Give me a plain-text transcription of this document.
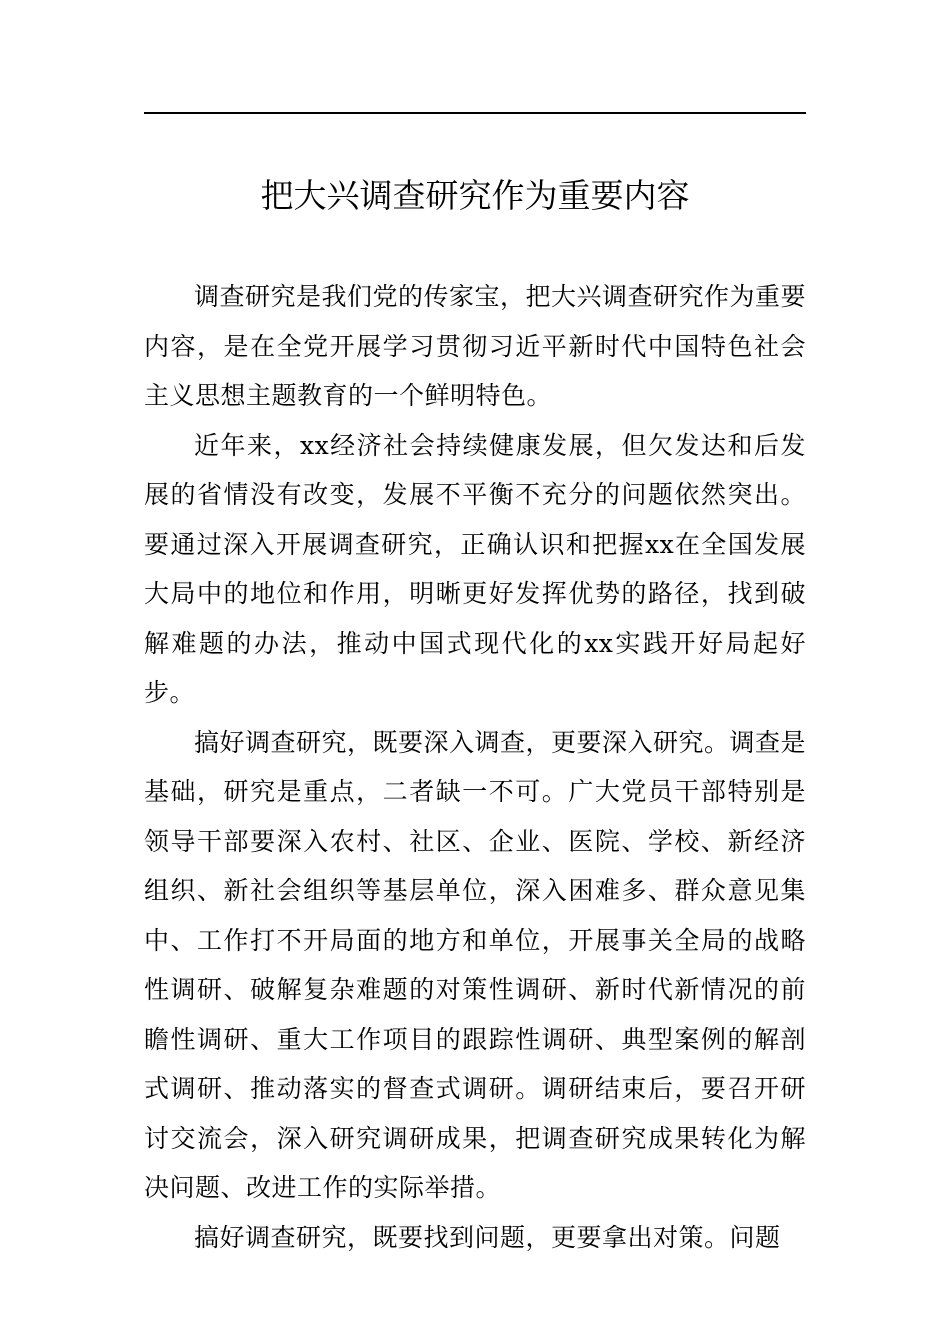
把大兴调查研究作为重要内容

调查研究是我们党的传家宝，把大兴调查研究作为重要内容，是在全党开展学习贯彻习近平新时代中国特色社会主义思想主题教育的一个鲜明特色。

近年来，xx经济社会持续健康发展，但欠发达和后发展的省情没有改变，发展不平衡不充分的问题依然突出。要通过深入开展调查研究，正确认识和把握xx在全国发展大局中的地位和作用，明晰更好发挥优势的路径，找到破解难题的办法，推动中国式现代化的xx实践开好局起好步。

搞好调查研究，既要深入调查，更要深入研究。调查是基础，研究是重点，二者缺一不可。广大党员干部特别是领导干部要深入农村、社区、企业、医院、学校、新经济组织、新社会组织等基层单位，深入困难多、群众意见集中、工作打不开局面的地方和单位，开展事关全局的战略性调研、破解复杂难题的对策性调研、新时代新情况的前瞻性调研、重大工作项目的跟踪性调研、典型案例的解剖式调研、推动落实的督查式调研。调研结束后，要召开研讨交流会，深入研究调研成果，把调查研究成果转化为解决问题、改进工作的实际举措。

搞好调查研究，既要找到问题，更要拿出对策。问题
